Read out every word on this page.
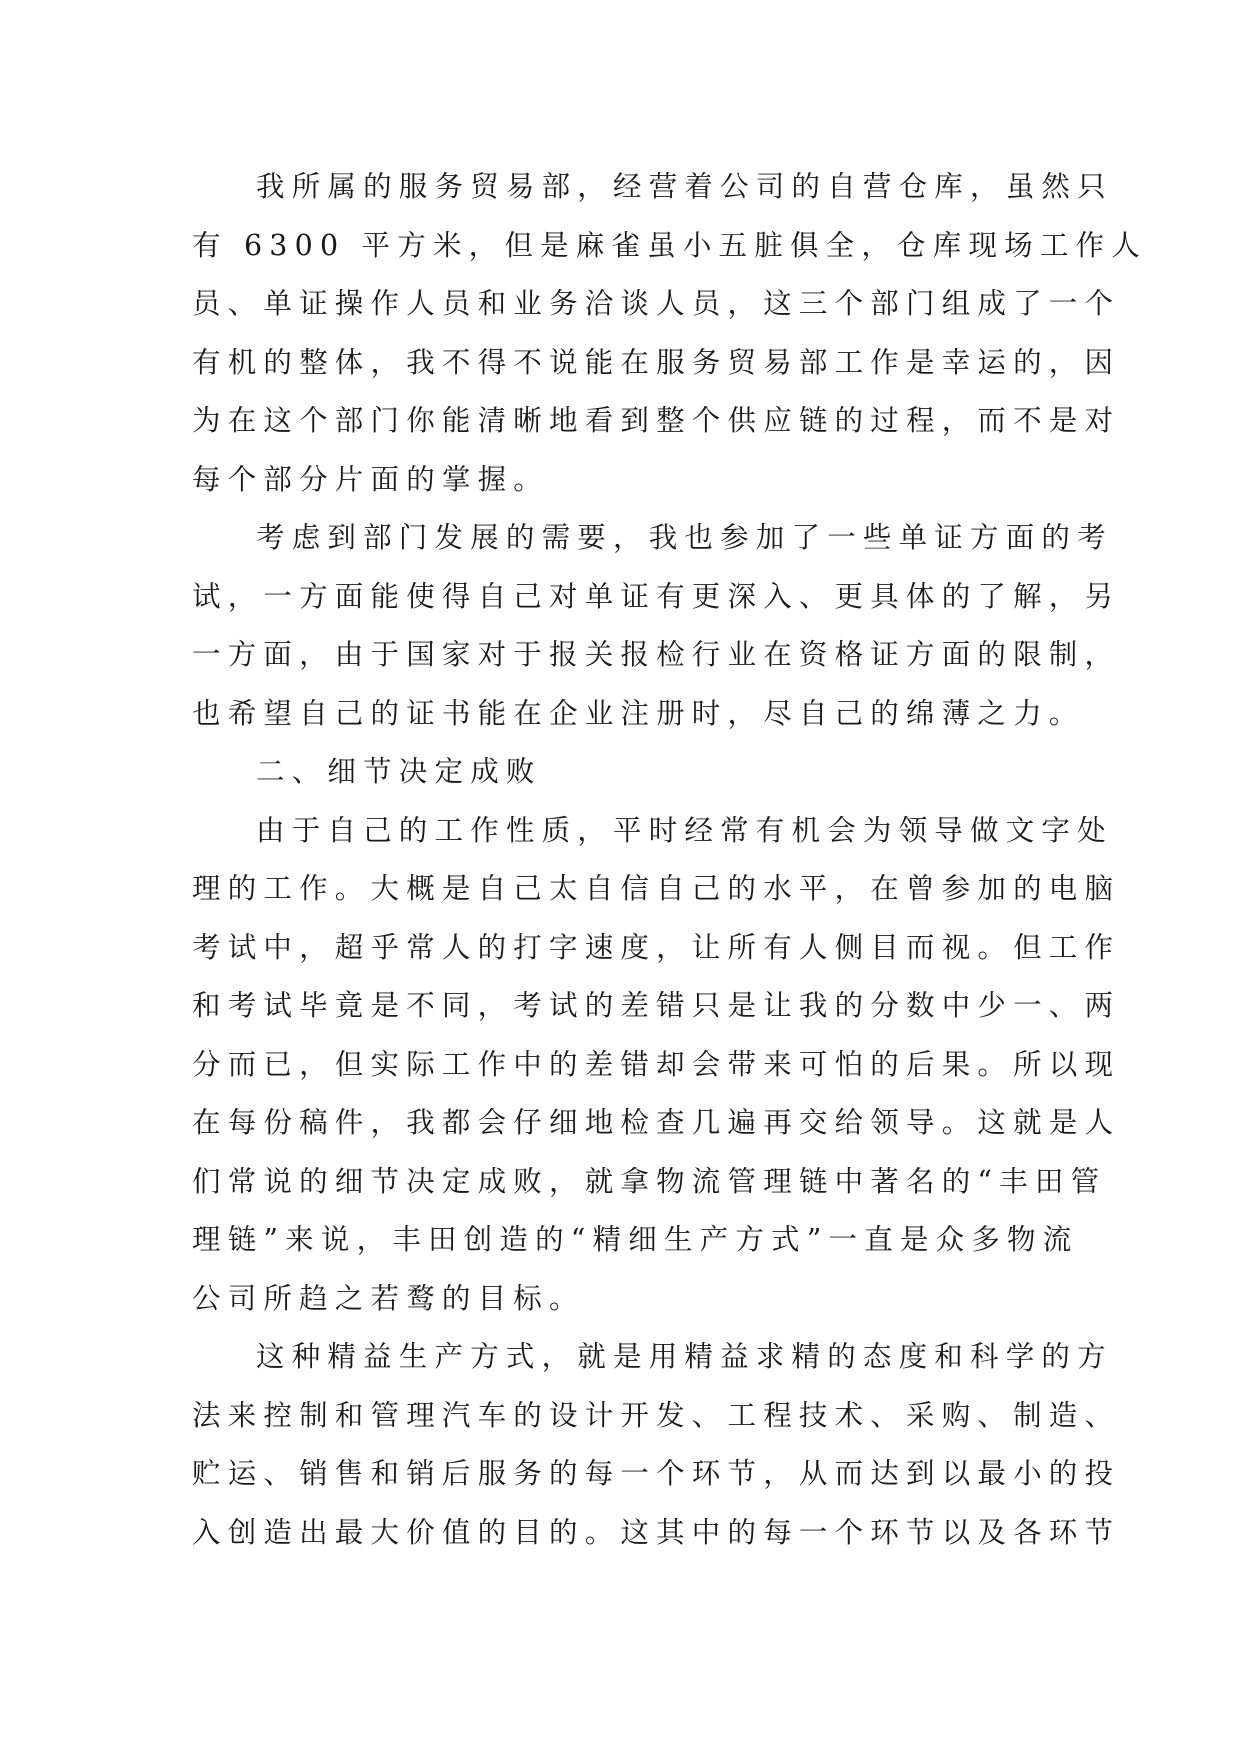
我所属的服务贸易部，经营着公司的自营仓库，虽然只
有 6300 平方米，但是麻雀虽小五脏俱全，仓库现场工作人
员、单证操作人员和业务洽谈人员，这三个部门组成了一个
有机的整体，我不得不说能在服务贸易部工作是幸运的，因
为在这个部门你能清晰地看到整个供应链的过程，而不是对
每个部分片面的掌握。
考虑到部门发展的需要，我也参加了一些单证方面的考
试，一方面能使得自己对单证有更深入、更具体的了解，另
一方面，由于国家对于报关报检行业在资格证方面的限制，
也希望自己的证书能在企业注册时，尽自己的绵薄之力。
二、细节决定成败
由于自己的工作性质，平时经常有机会为领导做文字处
理的工作。大概是自己太自信自己的水平，在曾参加的电脑
考试中，超乎常人的打字速度，让所有人侧目而视。但工作
和考试毕竟是不同，考试的差错只是让我的分数中少一、两
分而已，但实际工作中的差错却会带来可怕的后果。所以现
在每份稿件，我都会仔细地检查几遍再交给领导。这就是人
们常说的细节决定成败，就拿物流管理链中著名的“丰田管
理链”来说，丰田创造的“精细生产方式”一直是众多物流
公司所趋之若鹜的目标。
这种精益生产方式，就是用精益求精的态度和科学的方
法来控制和管理汽车的设计开发、工程技术、采购、制造、
贮运、销售和销后服务的每一个环节，从而达到以最小的投
入创造出最大价值的目的。这其中的每一个环节以及各环节
